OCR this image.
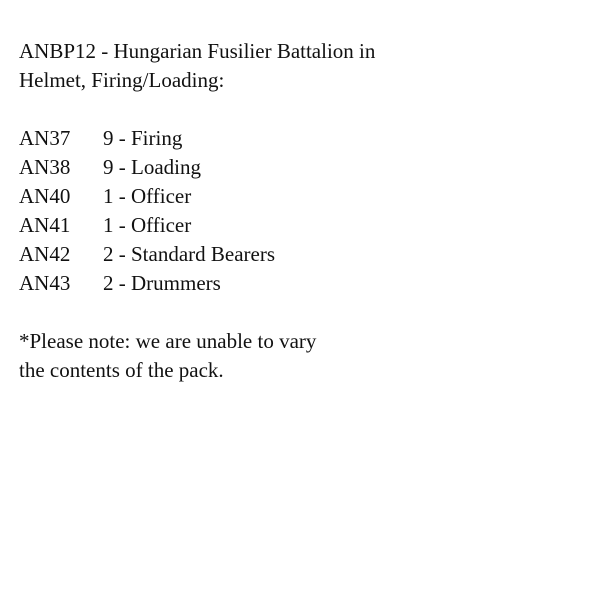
ANBP12 - Hungarian Fusilier Battalion in
Helmet, Firing/Loading:
AN37	9 - Firing
AN38	9 - Loading
AN40	1 - Officer
AN41	1 - Officer
AN42	2 - Standard Bearers
AN43	2 - Drummers
*Please note: we are unable to vary
the contents of the pack.
